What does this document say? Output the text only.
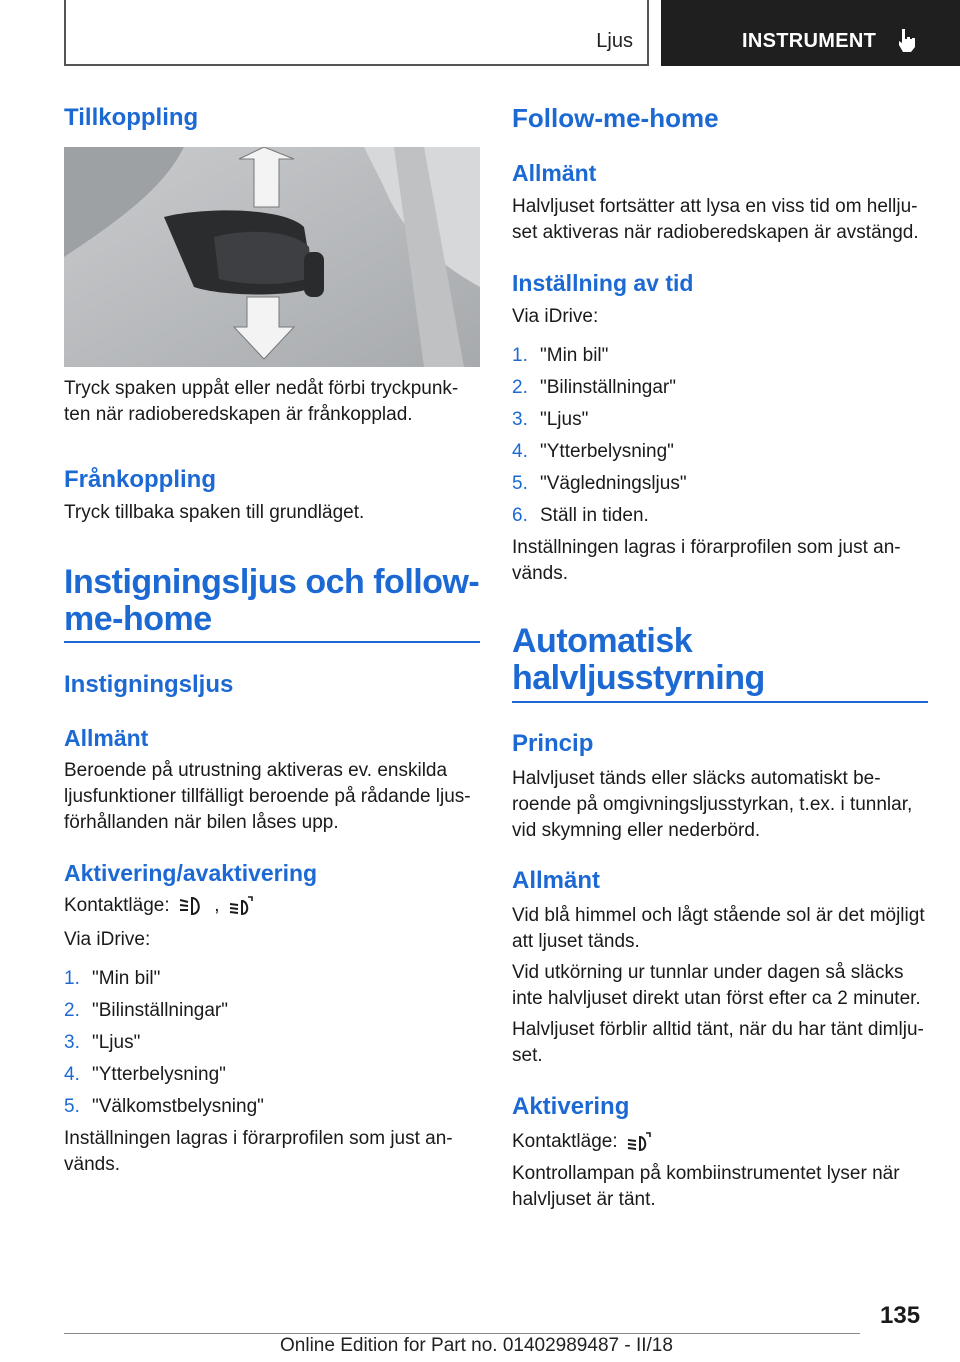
Ljus	INSTRUMENT
Tillkoppling
Tryck spaken uppåt eller nedåt förbi tryckpunk-
ten när radioberedskapen är frånkopplad.
Frånkoppling
Tryck tillbaka spaken till grundläget.
Instigningsljus och follow-
me-home
Instigningsljus
Allmänt
Beroende på utrustning aktiveras ev. enskilda
ljusfunktioner tillfälligt beroende på rådande ljus-
förhållanden när bilen låses upp.
Aktivering/avaktivering
Kontaktläge: ,
Via iDrive:
1. "Min bil"
2. "Bilinställningar"
3. "Ljus"
4. "Ytterbelysning"
5. "Välkomstbelysning"
Inställningen lagras i förarprofilen som just an-
vänds.
Follow-me-home
Allmänt
Halvljuset fortsätter att lysa en viss tid om hellju-
set aktiveras när radioberedskapen är avstängd.
Inställning av tid
Via iDrive:
1. "Min bil"
2. "Bilinställningar"
3. "Ljus"
4. "Ytterbelysning"
5. "Vägledningsljus"
6. Ställ in tiden.
Inställningen lagras i förarprofilen som just an-
vänds.
Automatisk
halvljusstyrning
Princip
Halvljuset tänds eller släcks automatiskt be-
roende på omgivningsljusstyrkan, t.ex. i tunnlar,
vid skymning eller nederbörd.
Allmänt
Vid blå himmel och lågt stående sol är det möjligt
att ljuset tänds.
Vid utkörning ur tunnlar under dagen så släcks
inte halvljuset direkt utan först efter ca 2 minuter.
Halvljuset förblir alltid tänt, när du har tänt dimlju-
set.
Aktivering
Kontaktläge:
Kontrollampan på kombiinstrumentet lyser när
halvljuset är tänt.
135
Online Edition for Part no. 01402989487 - II/18
